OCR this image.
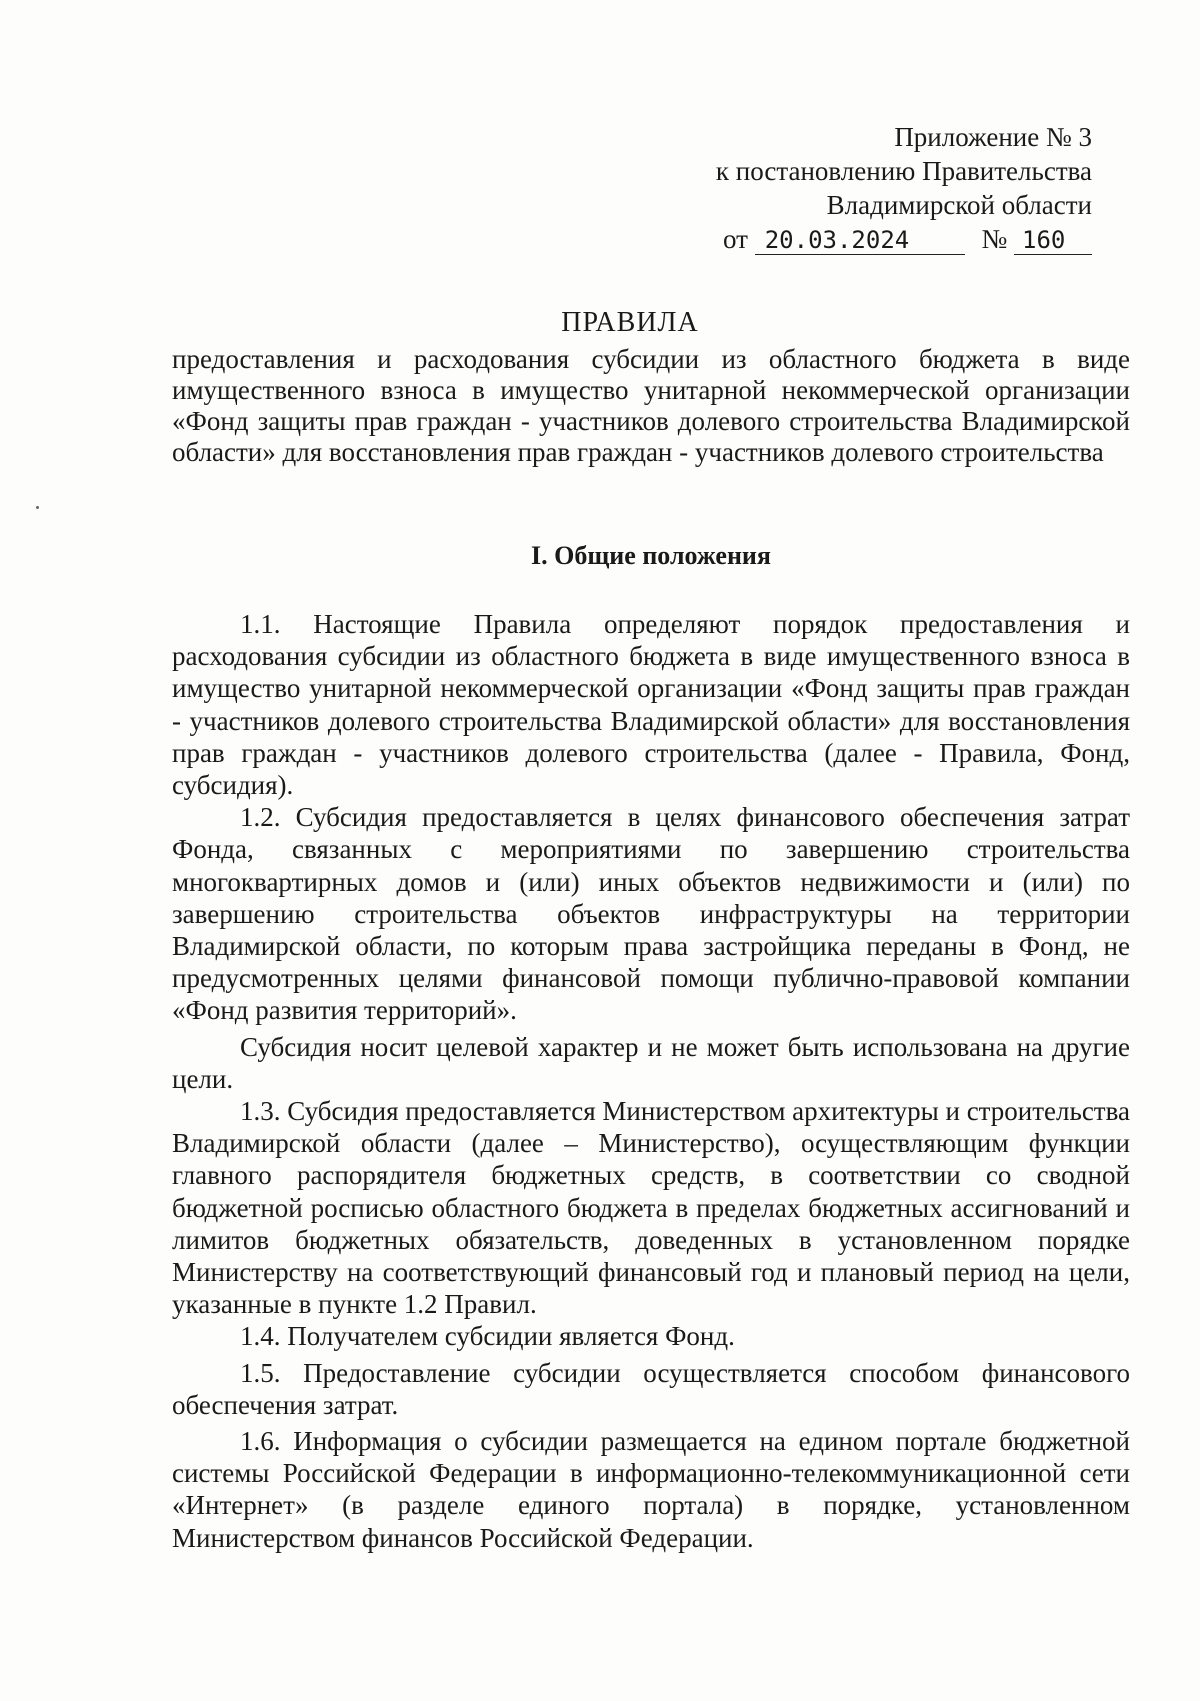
Приложение № 3
к постановлению Правительства
Владимирской области
от 20.03.2024	№ 160
ПРАВИЛА
предоставления и расходования субсидии из областного бюджета в виде имущественного взноса в имущество унитарной некоммерческой организации «Фонд защиты прав граждан - участников долевого строительства Владимирской области» для восстановления прав граждан - участников долевого строительства
I. Общие положения

1.1. Настоящие Правила определяют порядок предоставления и расходования субсидии из областного бюджета в виде имущественного взноса в имущество унитарной некоммерческой организации «Фонд защиты прав граждан - участников долевого строительства Владимирской области» для восстановления прав граждан - участников долевого строительства (далее - Правила, Фонд, субсидия).

1.2. Субсидия предоставляется в целях финансового обеспечения затрат Фонда, связанных с мероприятиями по завершению строительства многоквартирных домов и (или) иных объектов недвижимости и (или) по завершению строительства объектов инфраструктуры на территории Владимирской области, по которым права застройщика переданы в Фонд, не предусмотренных целями финансовой помощи публично-правовой компании «Фонд развития территорий».

Субсидия носит целевой характер и не может быть использована на другие цели.

1.3. Субсидия предоставляется Министерством архитектуры и строительства Владимирской области (далее – Министерство), осуществляющим функции главного распорядителя бюджетных средств, в соответствии со сводной бюджетной росписью областного бюджета в пределах бюджетных ассигнований и лимитов бюджетных обязательств, доведенных в установленном порядке Министерству на соответствующий финансовый год и плановый период на цели, указанные в пункте 1.2 Правил.

1.4. Получателем субсидии является Фонд.

1.5. Предоставление субсидии осуществляется способом финансового обеспечения затрат.

1.6. Информация о субсидии размещается на едином портале бюджетной системы Российской Федерации в информационно-телекоммуникационной сети «Интернет» (в разделе единого портала) в порядке, установленном Министерством финансов Российской Федерации.
